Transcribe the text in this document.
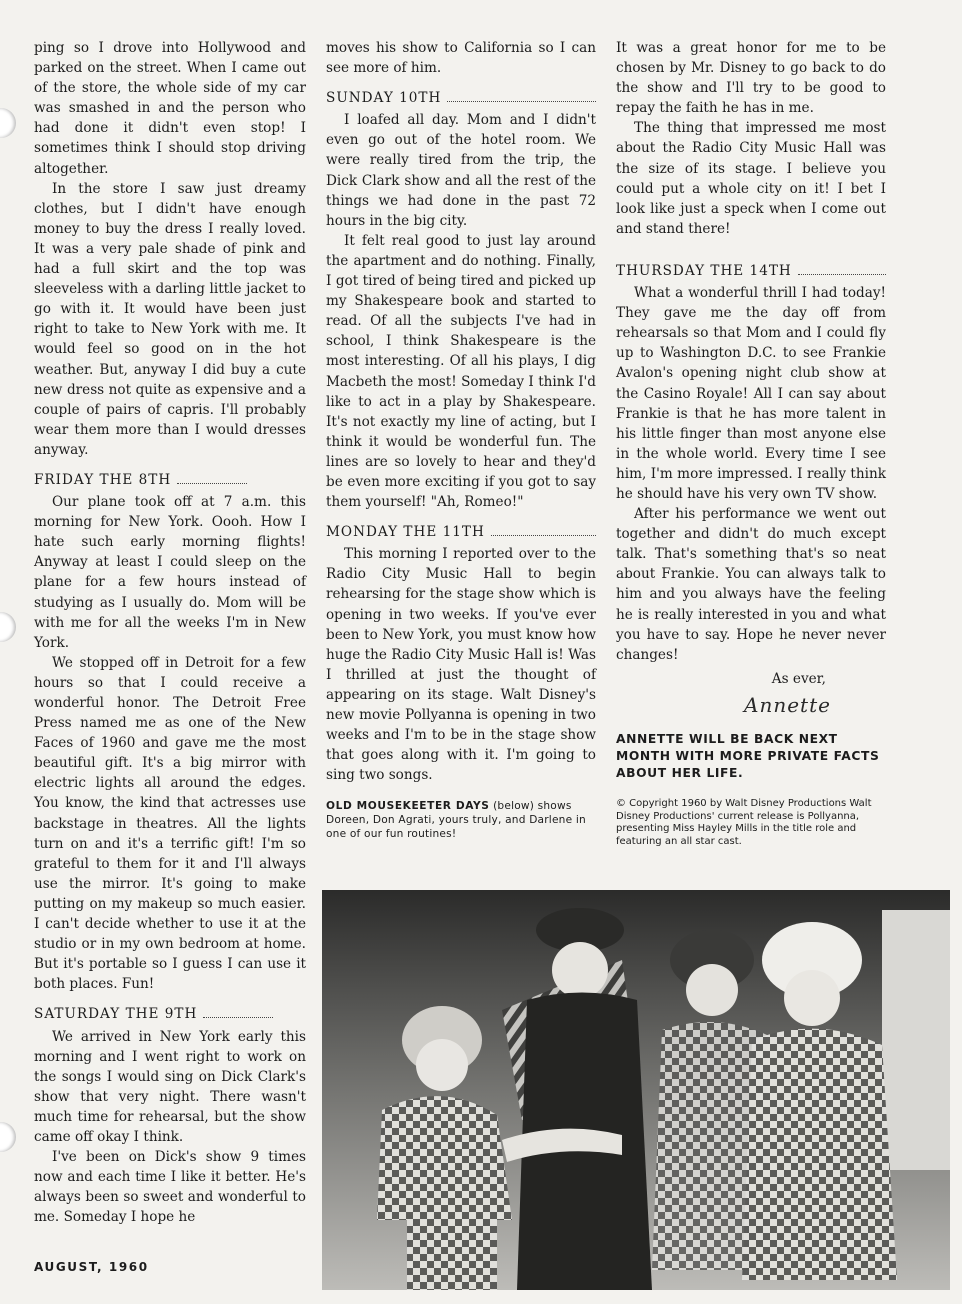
ping so I drove into Hollywood and parked on the street. When I came out of the store, the whole side of my car was smashed in and the person who had done it didn't even stop! I sometimes think I should stop driving altogether.

In the store I saw just dreamy clothes, but I didn't have enough money to buy the dress I really loved. It was a very pale shade of pink and had a full skirt and the top was sleeveless with a darling little jacket to go with it. It would have been just right to take to New York with me. It would feel so good on in the hot weather. But, anyway I did buy a cute new dress not quite as expensive and a couple of pairs of capris. I'll probably wear them more than I would dresses anyway.

FRIDAY THE 8TH

Our plane took off at 7 a.m. this morning for New York. Oooh. How I hate such early morning flights! Anyway at least I could sleep on the plane for a few hours instead of studying as I usually do. Mom will be with me for all the weeks I'm in New York.

We stopped off in Detroit for a few hours so that I could receive a wonderful honor. The Detroit Free Press named me as one of the New Faces of 1960 and gave me the most beautiful gift. It's a big mirror with electric lights all around the edges. You know, the kind that actresses use backstage in theatres. All the lights turn on and it's a terrific gift! I'm so grateful to them for it and I'll always use the mirror. It's going to make putting on my makeup so much easier. I can't decide whether to use it at the studio or in my own bedroom at home. But it's portable so I guess I can use it both places. Fun!

SATURDAY THE 9TH

We arrived in New York early this morning and I went right to work on the songs I would sing on Dick Clark's show that very night. There wasn't much time for rehearsal, but the show came off okay I think.

I've been on Dick's show 9 times now and each time I like it better. He's always been so sweet and wonderful to me. Someday I hope he

moves his show to California so I can see more of him.

SUNDAY 10TH

I loafed all day. Mom and I didn't even go out of the hotel room. We were really tired from the trip, the Dick Clark show and all the rest of the things we had done in the past 72 hours in the big city.

It felt real good to just lay around the apartment and do nothing. Finally, I got tired of being tired and picked up my Shakespeare book and started to read. Of all the subjects I've had in school, I think Shakespeare is the most interesting. Of all his plays, I dig Macbeth the most! Someday I think I'd like to act in a play by Shakespeare. It's not exactly my line of acting, but I think it would be wonderful fun. The lines are so lovely to hear and they'd be even more exciting if you got to say them yourself! "Ah, Romeo!"

MONDAY THE 11TH

This morning I reported over to the Radio City Music Hall to begin rehearsing for the stage show which is opening in two weeks. If you've ever been to New York, you must know how huge the Radio City Music Hall is! Was I thrilled at just the thought of appearing on its stage. Walt Disney's new movie Pollyanna is opening in two weeks and I'm to be in the stage show that goes along with it. I'm going to sing two songs.

OLD MOUSEKEETER DAYS (below) shows Doreen, Don Agrati, yours truly, and Darlene in one of our fun routines!

It was a great honor for me to be chosen by Mr. Disney to go back to do the show and I'll try to be good to repay the faith he has in me.

The thing that impressed me most about the Radio City Music Hall was the size of its stage. I believe you could put a whole city on it! I bet I look like just a speck when I come out and stand there!

THURSDAY THE 14TH

What a wonderful thrill I had today! They gave me the day off from rehearsals so that Mom and I could fly up to Washington D.C. to see Frankie Avalon's opening night club show at the Casino Royale! All I can say about Frankie is that he has more talent in his little finger than most anyone else in the whole world. Every time I see him, I'm more impressed. I really think he should have his very own TV show.

After his performance we went out together and didn't do much except talk. That's something that's so neat about Frankie. You can always talk to him and you always have the feeling he is really interested in you and what you have to say. Hope he never never changes!

As ever,
Annette
ANNETTE WILL BE BACK NEXT MONTH WITH MORE PRIVATE FACTS ABOUT HER LIFE.
© Copyright 1960 by Walt Disney Productions Walt Disney Productions' current release is Pollyanna, presenting Miss Hayley Mills in the title role and featuring an all star cast.
AUGUST, 1960
